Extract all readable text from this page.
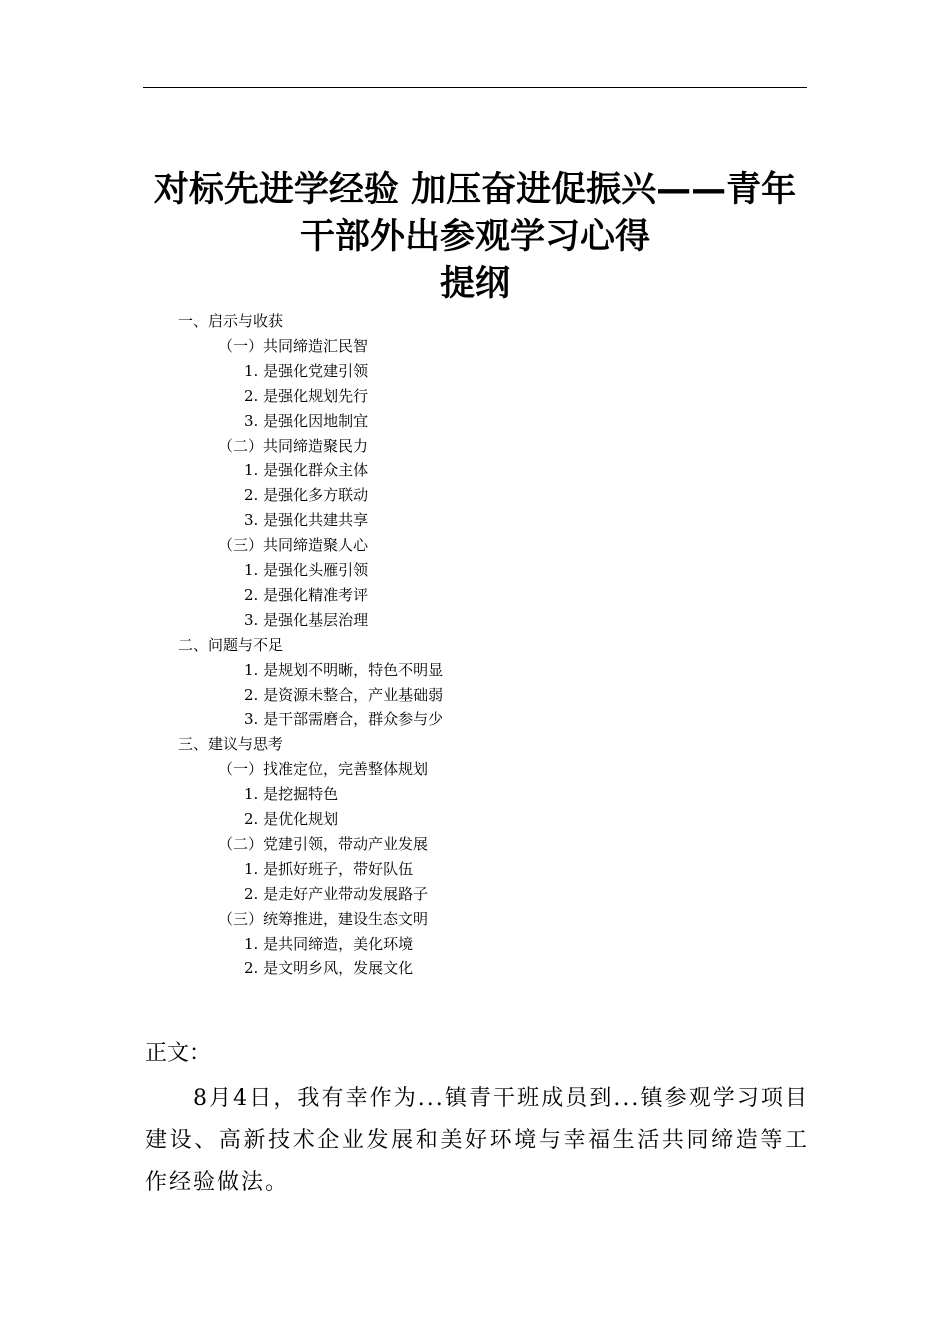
对标先进学经验 加压奋进促振兴——青年
干部外出参观学习心得
提纲
一、启示与收获
（一）共同缔造汇民智
1. 是强化党建引领
2. 是强化规划先行
3. 是强化因地制宜
（二）共同缔造聚民力
1. 是强化群众主体
2. 是强化多方联动
3. 是强化共建共享
（三）共同缔造聚人心
1. 是强化头雁引领
2. 是强化精准考评
3. 是强化基层治理
二、问题与不足
1. 是规划不明晰，特色不明显
2. 是资源未整合，产业基础弱
3. 是干部需磨合，群众参与少
三、建议与思考
（一）找准定位，完善整体规划
1. 是挖掘特色
2. 是优化规划
（二）党建引领，带动产业发展
1. 是抓好班子，带好队伍
2. 是走好产业带动发展路子
（三）统筹推进，建设生态文明
1. 是共同缔造，美化环境
2. 是文明乡风，发展文化
正文：
8月4日，我有幸作为...镇青干班成员到...镇参观学习项目建设、高新技术企业发展和美好环境与幸福生活共同缔造等工作经验做法。
